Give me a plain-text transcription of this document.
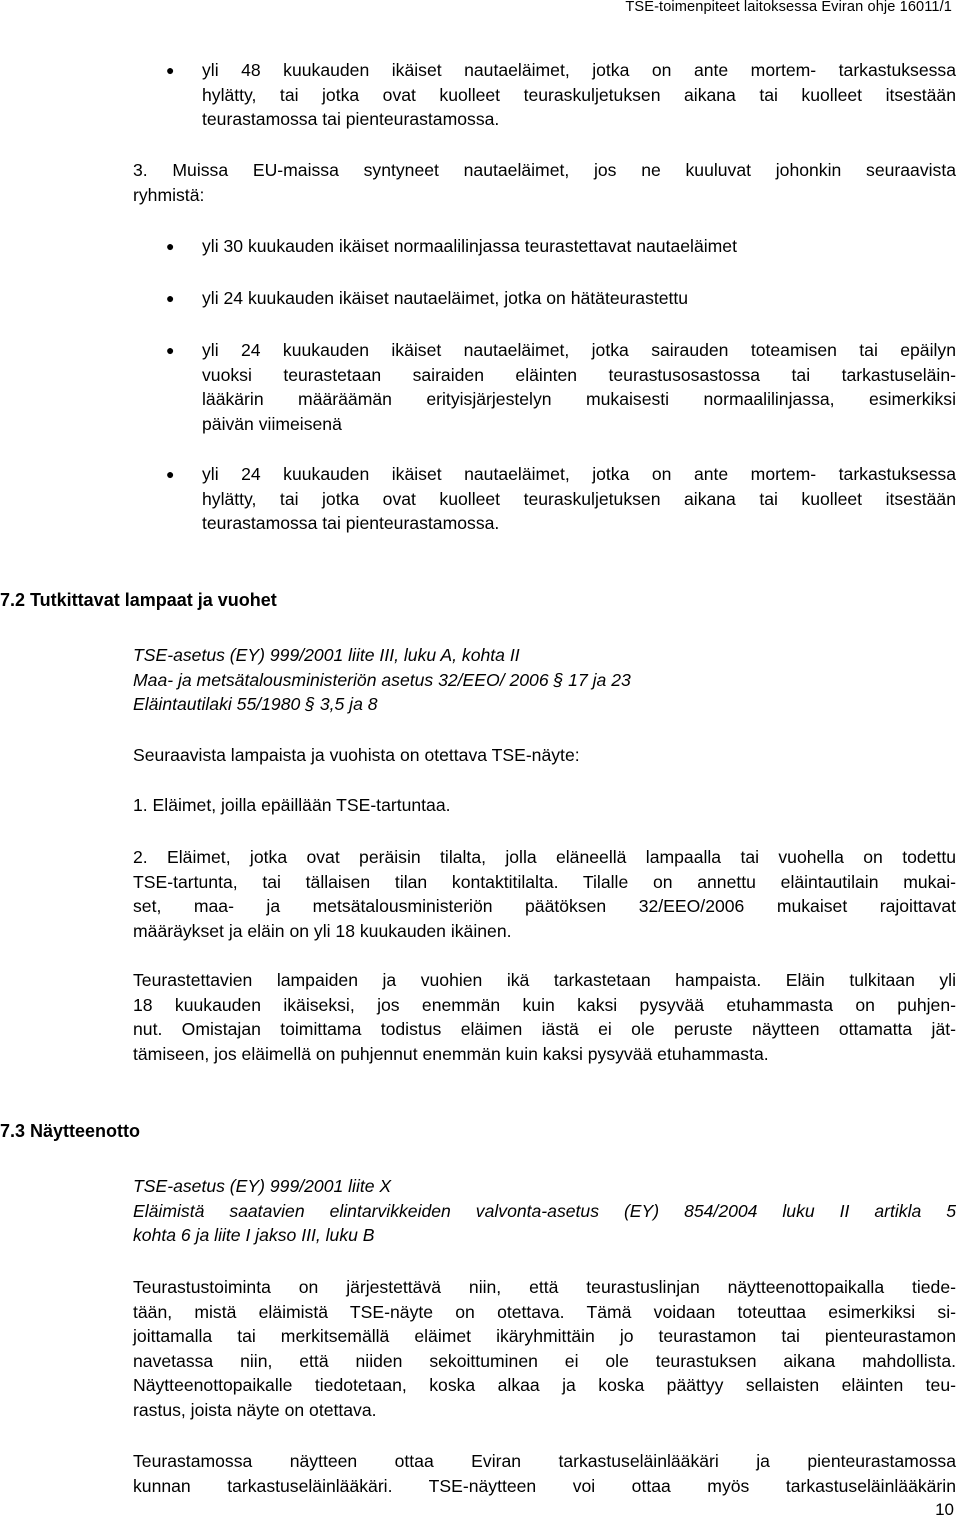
TSE-toimenpiteet laitoksessa Eviran ohje 16011/1
● yli 48 kuukauden ikäiset nautaeläimet, jotka on ante mortem- tarkastuksessa
hylätty, tai jotka ovat kuolleet teuraskuljetuksen aikana tai kuolleet itsestään
teurastamossa tai pienteurastamossa.
3. Muissa EU-maissa syntyneet nautaeläimet, jos ne kuuluvat johonkin seuraavista
ryhmistä:
● yli 30 kuukauden ikäiset normaalilinjassa teurastettavat nautaeläimet
● yli 24 kuukauden ikäiset nautaeläimet, jotka on hätäteurastettu
● yli 24 kuukauden ikäiset nautaeläimet, jotka sairauden toteamisen tai epäilyn
vuoksi teurastetaan sairaiden eläinten teurastusosastossa tai tarkastuseläin-
lääkärin määräämän erityisjärjestelyn mukaisesti normaalilinjassa, esimerkiksi
päivän viimeisenä
● yli 24 kuukauden ikäiset nautaeläimet, jotka on ante mortem- tarkastuksessa
hylätty, tai jotka ovat kuolleet teuraskuljetuksen aikana tai kuolleet itsestään
teurastamossa tai pienteurastamossa.
7.2 Tutkittavat lampaat ja vuohet
TSE-asetus (EY) 999/2001 liite III, luku A, kohta II
Maa- ja metsätalousministeriön asetus 32/EEO/ 2006 § 17 ja 23
Eläintautilaki 55/1980 § 3,5 ja 8
Seuraavista lampaista ja vuohista on otettava TSE-näyte:
1. Eläimet, joilla epäillään TSE-tartuntaa.
2. Eläimet, jotka ovat peräisin tilalta, jolla eläneellä lampaalla tai vuohella on todettu
TSE-tartunta, tai tällaisen tilan kontaktitilalta. Tilalle on annettu eläintautilain mukai-
set, maa- ja metsätalousministeriön päätöksen 32/EEO/2006 mukaiset rajoittavat
määräykset ja eläin on yli 18 kuukauden ikäinen.
Teurastettavien lampaiden ja vuohien ikä tarkastetaan hampaista. Eläin tulkitaan yli
18 kuukauden ikäiseksi, jos enemmän kuin kaksi pysyvää etuhammasta on puhjen-
nut. Omistajan toimittama todistus eläimen iästä ei ole peruste näytteen ottamatta jät-
tämiseen, jos eläimellä on puhjennut enemmän kuin kaksi pysyvää etuhammasta.
7.3 Näytteenotto
TSE-asetus (EY) 999/2001 liite X
Eläimistä saatavien elintarvikkeiden valvonta-asetus (EY) 854/2004 luku II artikla 5
kohta 6 ja liite I jakso III, luku B
Teurastustoiminta on järjestettävä niin, että teurastuslinjan näytteenottopaikalla tiede-
tään, mistä eläimistä TSE-näyte on otettava. Tämä voidaan toteuttaa esimerkiksi si-
joittamalla tai merkitsemällä eläimet ikäryhmittäin jo teurastamon tai pienteurastamon
navetassa niin, että niiden sekoittuminen ei ole teurastuksen aikana mahdollista.
Näytteenottopaikalle tiedotetaan, koska alkaa ja koska päättyy sellaisten eläinten teu-
rastus, joista näyte on otettava.
Teurastamossa näytteen ottaa Eviran tarkastuseläinlääkäri ja pienteurastamossa
kunnan tarkastuseläinlääkäri. TSE-näytteen voi ottaa myös tarkastuseläinlääkärin
10
